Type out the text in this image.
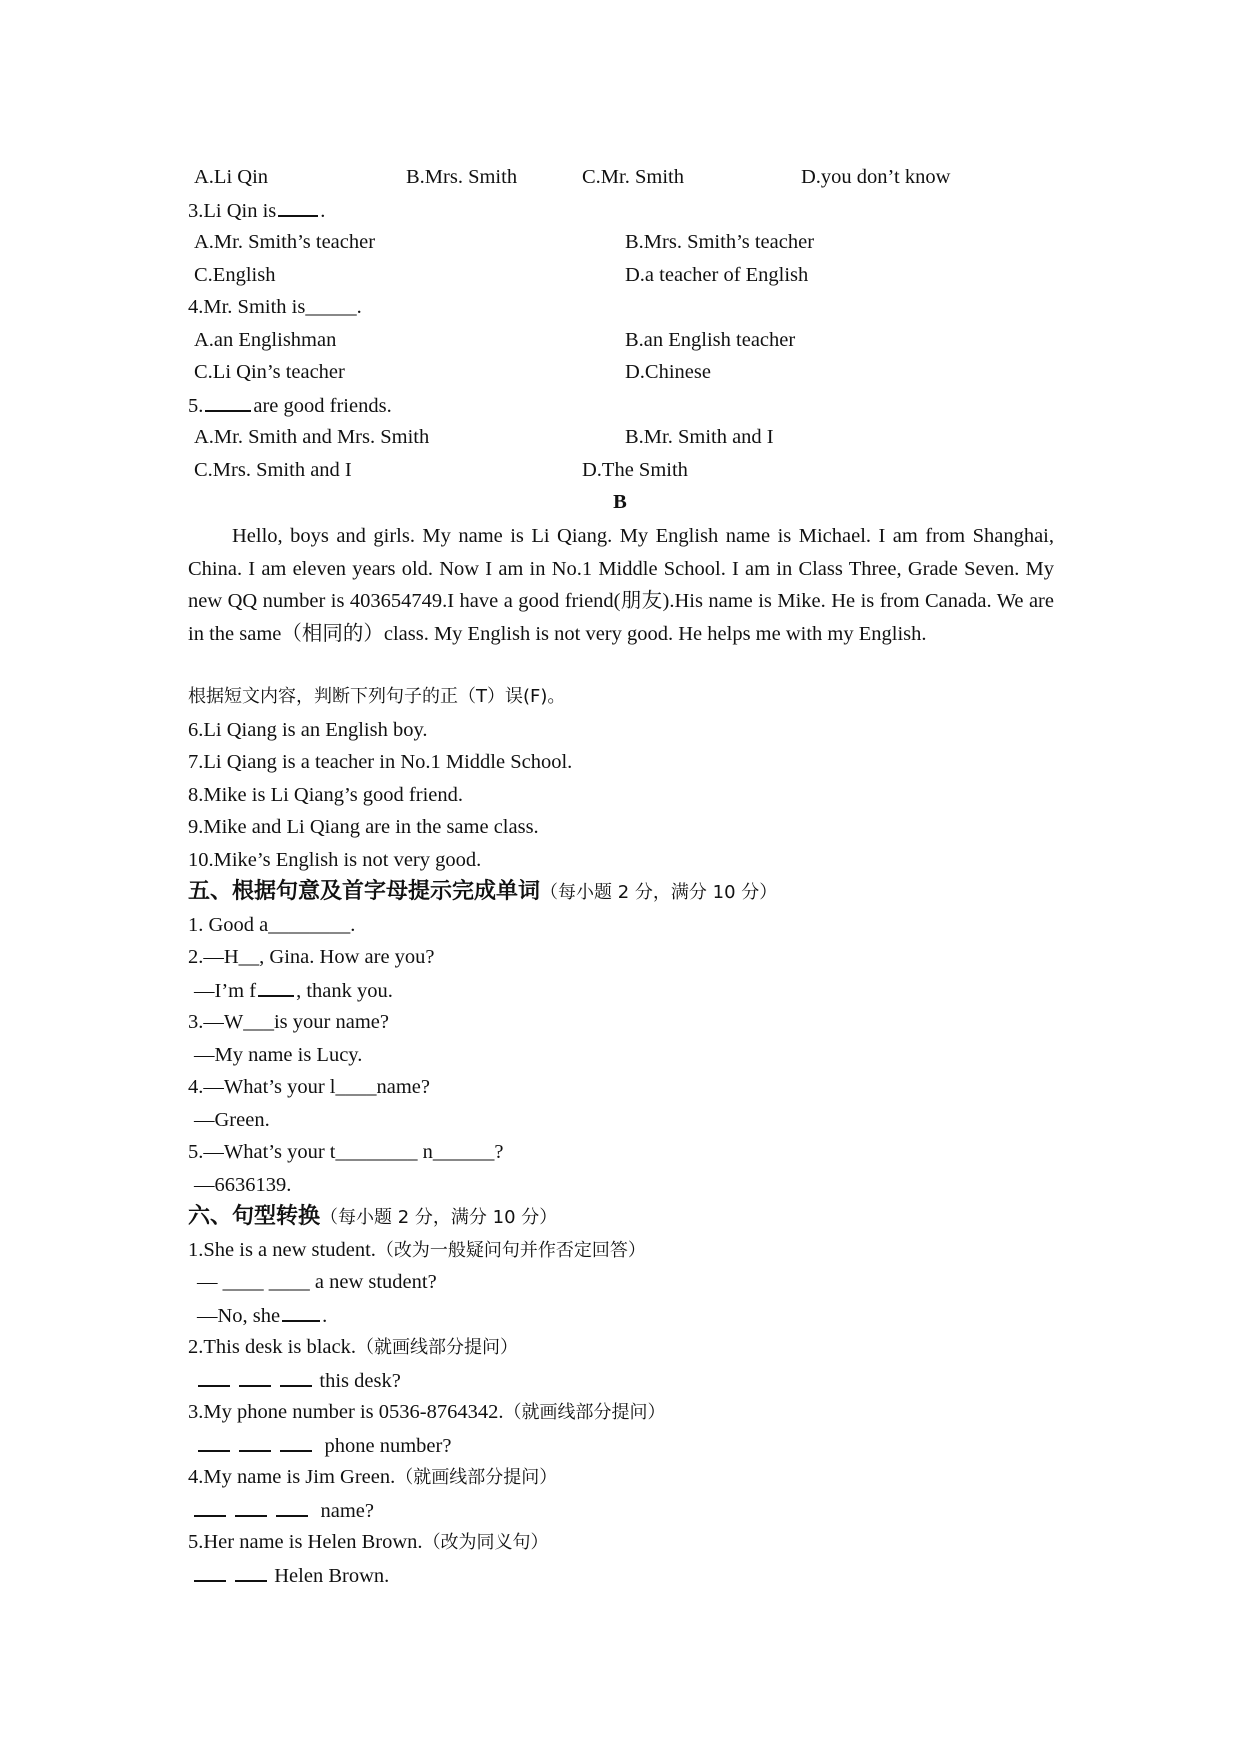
A.Li Qin	B.Mrs. Smith	C.Mr. Smith	D.you don’t know
3.Li Qin is .
A.Mr. Smith’s teacher	B.Mrs. Smith’s teacher
C.English	D.a teacher of English
4.Mr. Smith is_____.
A.an Englishman	B.an English teacher
C.Li Qin’s teacher	D.Chinese
5. are good friends.
A.Mr. Smith and Mrs. Smith	B.Mr. Smith and I
C.Mrs. Smith and I	D.The Smith
B
Hello, boys and girls. My name is Li Qiang. My English name is Michael. I am from Shanghai, China. I am eleven years old. Now I am in No.1 Middle School. I am in Class Three, Grade Seven. My new QQ number is 403654749.I have a good friend(朋友).His name is Mike. He is from Canada. We are in the same（相同的）class. My English is not very good. He helps me with my English.
根据短文内容，判断下列句子的正（T）误(F)。
6.Li Qiang is an English boy.
7.Li Qiang is a teacher in No.1 Middle School.
8.Mike is Li Qiang’s good friend.
9.Mike and Li Qiang are in the same class.
10.Mike’s English is not very good.
五、根据句意及首字母提示完成单词（每小题 2 分，满分 10 分）
1. Good a________.
2.—H__, Gina. How are you?
—I’m f , thank you.
3.—W___is your name?
—My name is Lucy.
4.—What’s your l____name?
—Green.
5.—What’s your t________ n______?
—6636139.
六、句型转换（每小题 2 分，满分 10 分）
1.She is a new student.（改为一般疑问句并作否定回答）
— ____ ____ a new student?
—No, she .
2.This desk is black.（就画线部分提问）
this desk?
3.My phone number is 0536-8764342.（就画线部分提问）
phone number?
4.My name is Jim Green.（就画线部分提问）
name?
5.Her name is Helen Brown.（改为同义句）
Helen Brown.
